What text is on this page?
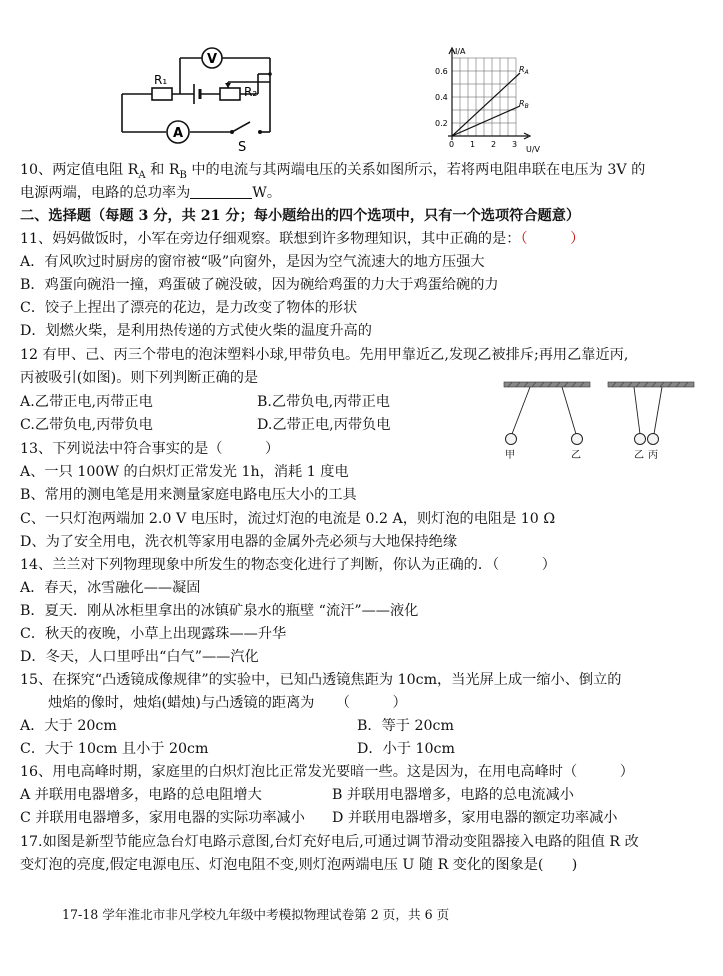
R₁
R₂
V
A
S
I/A
U/V
0.6
0.4
0.2
0 1 2 3
$R_A$
$R_B$
10、两定值电阻 $R_A$ 和 $R_B$ 中的电流与其两端电压的关系如图所示，若将两电阻串联在电压为 3V 的
电源两端，电路的总功率为	W。
二、选择题（每题 3 分，共 21 分；每小题给出的四个选项中，只有一个选项符合题意）
11、妈妈做饭时，小军在旁边仔细观察。联想到许多物理知识，其中正确的是：（　　　）
A．有风吹过时厨房的窗帘被“吸”向窗外，是因为空气流速大的地方压强大
B．鸡蛋向碗沿一撞，鸡蛋破了碗没破，因为碗给鸡蛋的力大于鸡蛋给碗的力
C．饺子上捏出了漂亮的花边，是力改变了物体的形状
D．划燃火柴，是利用热传递的方式使火柴的温度升高的
12 有甲、己、丙三个带电的泡沫塑料小球,甲带负电。先用甲靠近乙,发现乙被排斥;再用乙靠近丙,
丙被吸引(如图)。则下列判断正确的是
A.乙带正电,丙带正电	B.乙带负电,丙带正电
C.乙带负电,丙带负电	D.乙带正电,丙带负电
甲	乙	乙 丙
13、下列说法中符合事实的是（　　　）
A、一只 100W 的白炽灯正常发光 1h，消耗 1 度电
B、常用的测电笔是用来测量家庭电路电压大小的工具
C、一只灯泡两端加 2.0 V 电压时，流过灯泡的电流是 0.2 A，则灯泡的电阻是 10 Ω
D、为了安全用电，洗衣机等家用电器的金属外壳必须与大地保持绝缘
14、兰兰对下列物理现象中所发生的物态变化进行了判断，你认为正确的．（　　　）
A．春天，冰雪融化——凝固
B．夏天．刚从冰柜里拿出的冰镇矿泉水的瓶壁 “流汗”——液化
C．秋天的夜晚，小草上出现露珠——升华
D．冬天，人口里呼出“白气”——汽化
15、在探究“凸透镜成像规律”的实验中，已知凸透镜焦距为 10cm，当光屏上成一缩小、倒立的
烛焰的像时，烛焰(蜡烛)与凸透镜的距离为　　（　　　）
A．大于 20cm	B．等于 20cm
C．大于 10cm 且小于 20cm	D．小于 10cm
16、用电高峰时期，家庭里的白炽灯泡比正常发光要暗一些。这是因为，在用电高峰时（　　　）
A 并联用电器增多，电路的总电阻增大	B 并联用电器增多，电路的总电流减小
C 并联用电器增多，家用电器的实际功率减小 D 并联用电器增多，家用电器的额定功率减小
17.如图是新型节能应急台灯电路示意图,台灯充好电后,可通过调节滑动变阻器接入电路的阻值 R 改
变灯泡的亮度,假定电源电压、灯泡电阻不变,则灯泡两端电压 U 随 R 变化的图象是(　　)
17-18 学年淮北市非凡学校九年级中考模拟物理试卷第 2 页，共 6 页
